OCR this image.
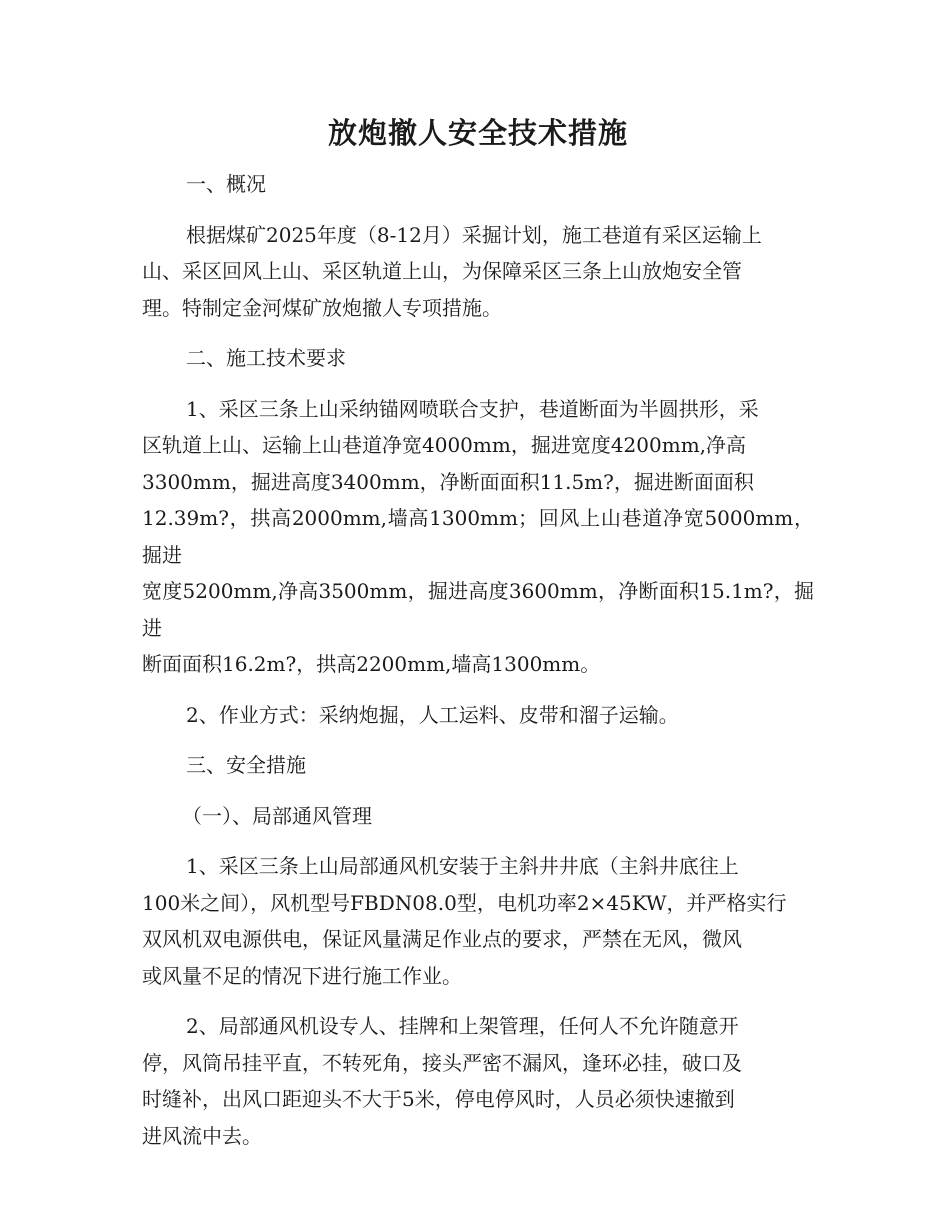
放炮撤人安全技术措施
一、概况
根据煤矿2025年度（8-12月）采掘计划，施工巷道有采区运输上
山、采区回风上山、采区轨道上山，为保障采区三条上山放炮安全管
理。特制定金河煤矿放炮撤人专项措施。
二、施工技术要求
1、采区三条上山采纳锚网喷联合支护，巷道断面为半圆拱形，采
区轨道上山、运输上山巷道净宽4000mm，掘进宽度4200mm,净高
3300mm，掘进高度3400mm，净断面面积11.5m?，掘进断面面积
12.39m?，拱高2000mm,墙高1300mm；回风上山巷道净宽5000mm，掘进
宽度5200mm,净高3500mm，掘进高度3600mm，净断面积15.1m?，掘进
断面面积16.2m?，拱高2200mm,墙高1300mm。
2、作业方式：采纳炮掘，人工运料、皮带和溜子运输。
三、安全措施
（一）、局部通风管理
1、采区三条上山局部通风机安装于主斜井井底（主斜井底往上
100米之间），风机型号FBDN08.0型，电机功率2×45KW，并严格实行
双风机双电源供电，保证风量满足作业点的要求，严禁在无风，微风
或风量不足的情况下进行施工作业。
2、局部通风机设专人、挂牌和上架管理，任何人不允许随意开
停，风筒吊挂平直，不转死角，接头严密不漏风，逢环必挂，破口及
时缝补，出风口距迎头不大于5米，停电停风时，人员必须快速撤到
进风流中去。
